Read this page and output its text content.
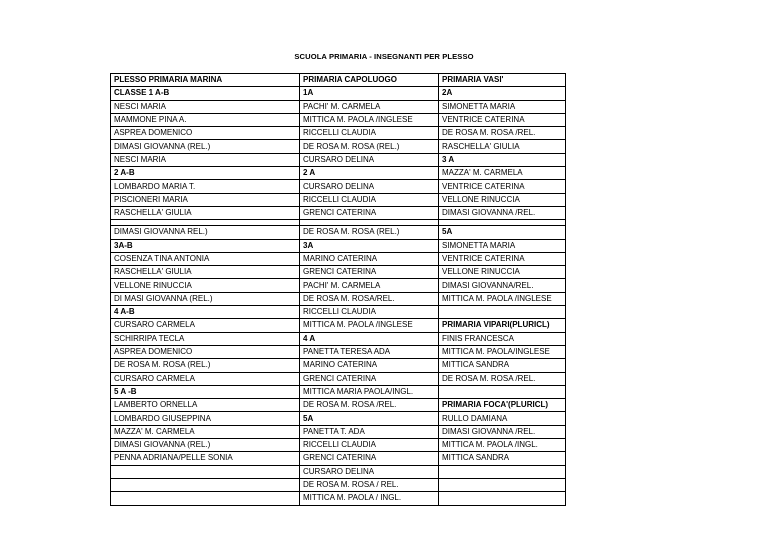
SCUOLA PRIMARIA - INSEGNANTI PER PLESSO
PLESSO PRIMARIA MARINA	PRIMARIA CAPOLUOGO	PRIMARIA VASI'
CLASSE 1 A-B	1A	2A
NESCI MARIA	PACHI' M. CARMELA	SIMONETTA MARIA
MAMMONE PINA A.	MITTICA M. PAOLA /INGLESE	VENTRICE CATERINA
ASPREA DOMENICO	RICCELLI CLAUDIA	DE ROSA M. ROSA /REL.
DIMASI GIOVANNA (REL.)	DE ROSA M. ROSA (REL.)	RASCHELLA' GIULIA
NESCI MARIA	CURSARO DELINA	3 A
2 A-B	2 A	MAZZA' M. CARMELA
LOMBARDO MARIA T.	CURSARO DELINA	VENTRICE CATERINA
PISCIONERI MARIA	RICCELLI CLAUDIA	VELLONE RINUCCIA
RASCHELLA' GIULIA	GRENCI CATERINA	DIMASI GIOVANNA /REL.

DIMASI GIOVANNA REL.)	DE ROSA M. ROSA (REL.)	5A
3A-B	3A	SIMONETTA MARIA
COSENZA TINA ANTONIA	MARINO CATERINA	VENTRICE CATERINA
RASCHELLA' GIULIA	GRENCI CATERINA	VELLONE RINUCCIA
VELLONE RINUCCIA	PACHI' M. CARMELA	DIMASI GIOVANNA/REL.
DI MASI GIOVANNA (REL.)	DE ROSA M. ROSA/REL.	MITTICA M. PAOLA /INGLESE
4 A-B	RICCELLI CLAUDIA	
CURSARO CARMELA	MITTICA M. PAOLA /INGLESE	PRIMARIA VIPARI(PLURICL)
SCHIRRIPA TECLA	4 A	FINIS FRANCESCA
ASPREA DOMENICO	PANETTA TERESA ADA	MITTICA M. PAOLA/INGLESE
DE ROSA M. ROSA (REL.)	MARINO CATERINA	MITTICA SANDRA
CURSARO CARMELA	GRENCI CATERINA	DE ROSA M. ROSA /REL.
5 A -B	MITTICA MARIA PAOLA/INGL.	
LAMBERTO ORNELLA	DE ROSA M. ROSA /REL.	PRIMARIA FOCA'(PLURICL)
LOMBARDO GIUSEPPINA	5A	RULLO DAMIANA
MAZZA' M. CARMELA	PANETTA T. ADA	DIMASI GIOVANNA /REL.
DIMASI GIOVANNA (REL.)	RICCELLI CLAUDIA	MITTICA M. PAOLA /INGL.
PENNA ADRIANA/PELLE SONIA	GRENCI CATERINA	MITTICA SANDRA
	CURSARO DELINA	
	DE ROSA M. ROSA / REL.	
	MITTICA M. PAOLA / INGL.	
